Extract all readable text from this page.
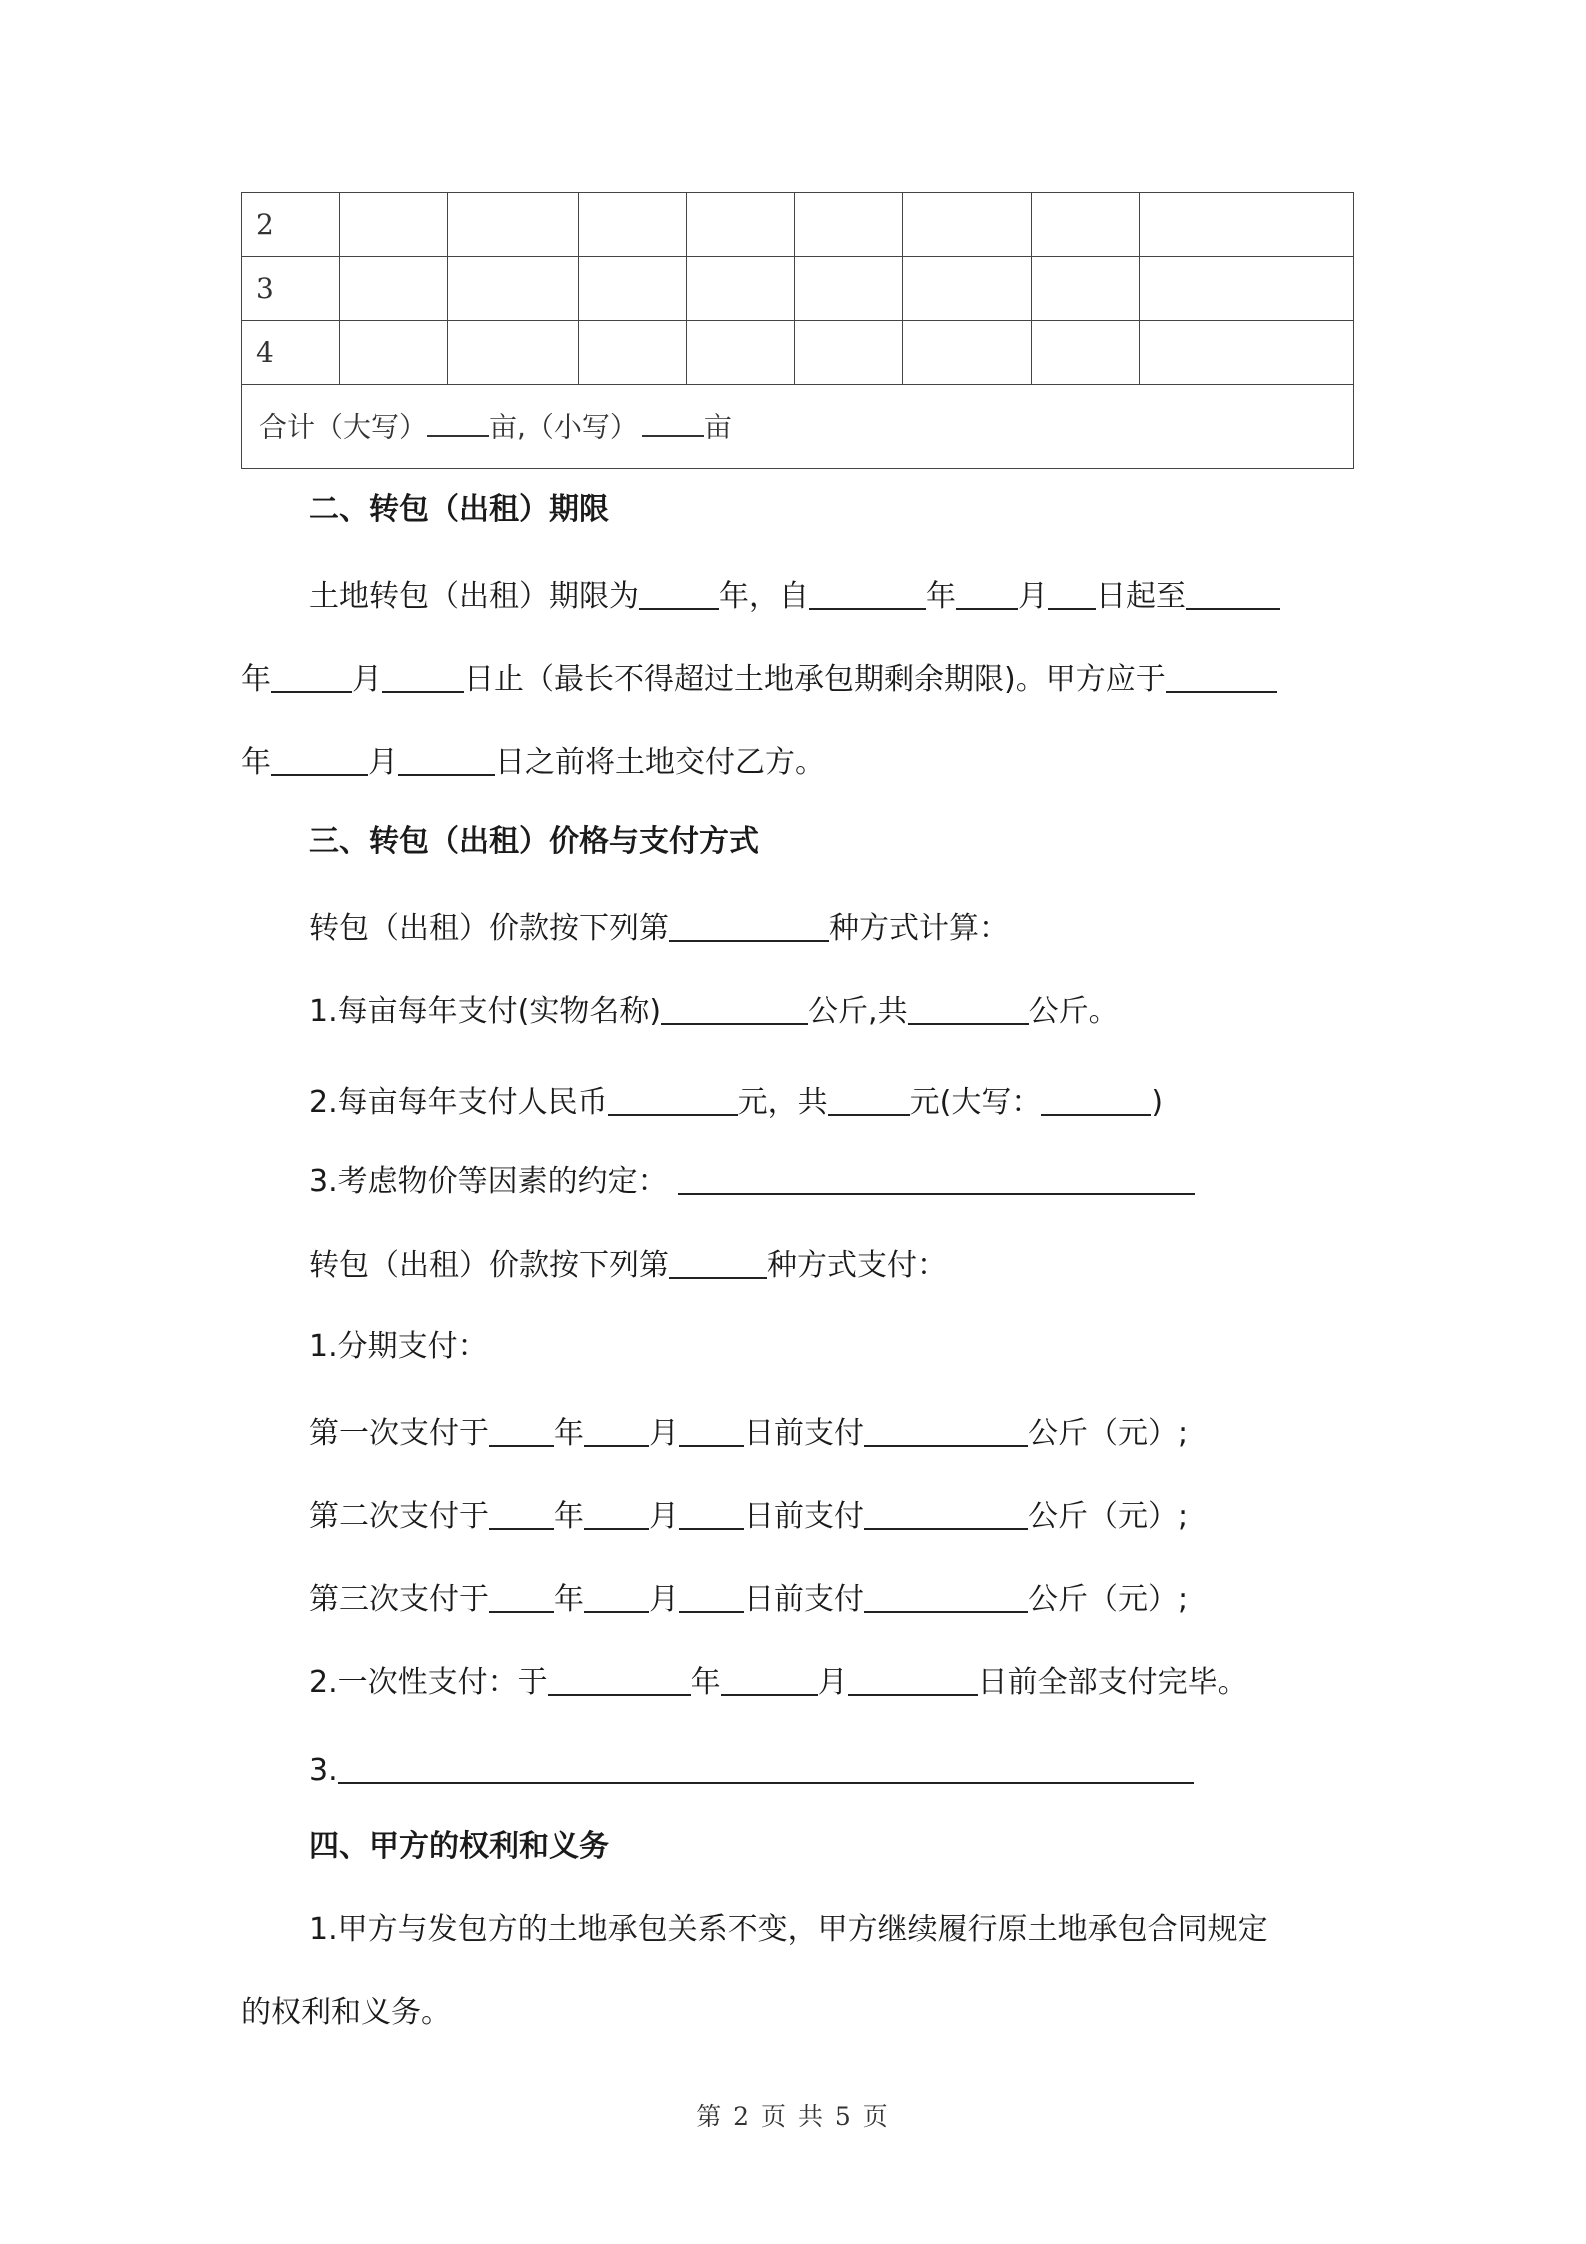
2
3
4
合计（大写） 亩,（小写） 亩
二、转包（出租）期限
土地转包（出租）期限为	年，自	年 月 日起至
年	月	日止（最长不得超过土地承包期剩余期限)。甲方应于
年	月	日之前将土地交付乙方。
三、转包（出租）价格与支付方式
转包（出租）价款按下列第	种方式计算：
1.每亩每年支付(实物名称)	公斤,共	公斤。
2.每亩每年支付人民币	元，共	元(大写：	)
3.考虑物价等因素的约定：
转包（出租）价款按下列第	种方式支付：
1.分期支付：
第一次支付于 年 月 日前支付	公斤（元）;
第二次支付于 年 月 日前支付	公斤（元）;
第三次支付于 年 月 日前支付	公斤（元）;
2.一次性支付：于	年	月	日前全部支付完毕。
3.
四、甲方的权利和义务
1.甲方与发包方的土地承包关系不变，甲方继续履行原土地承包合同规定
的权利和义务。
第 2 页 共 5 页
